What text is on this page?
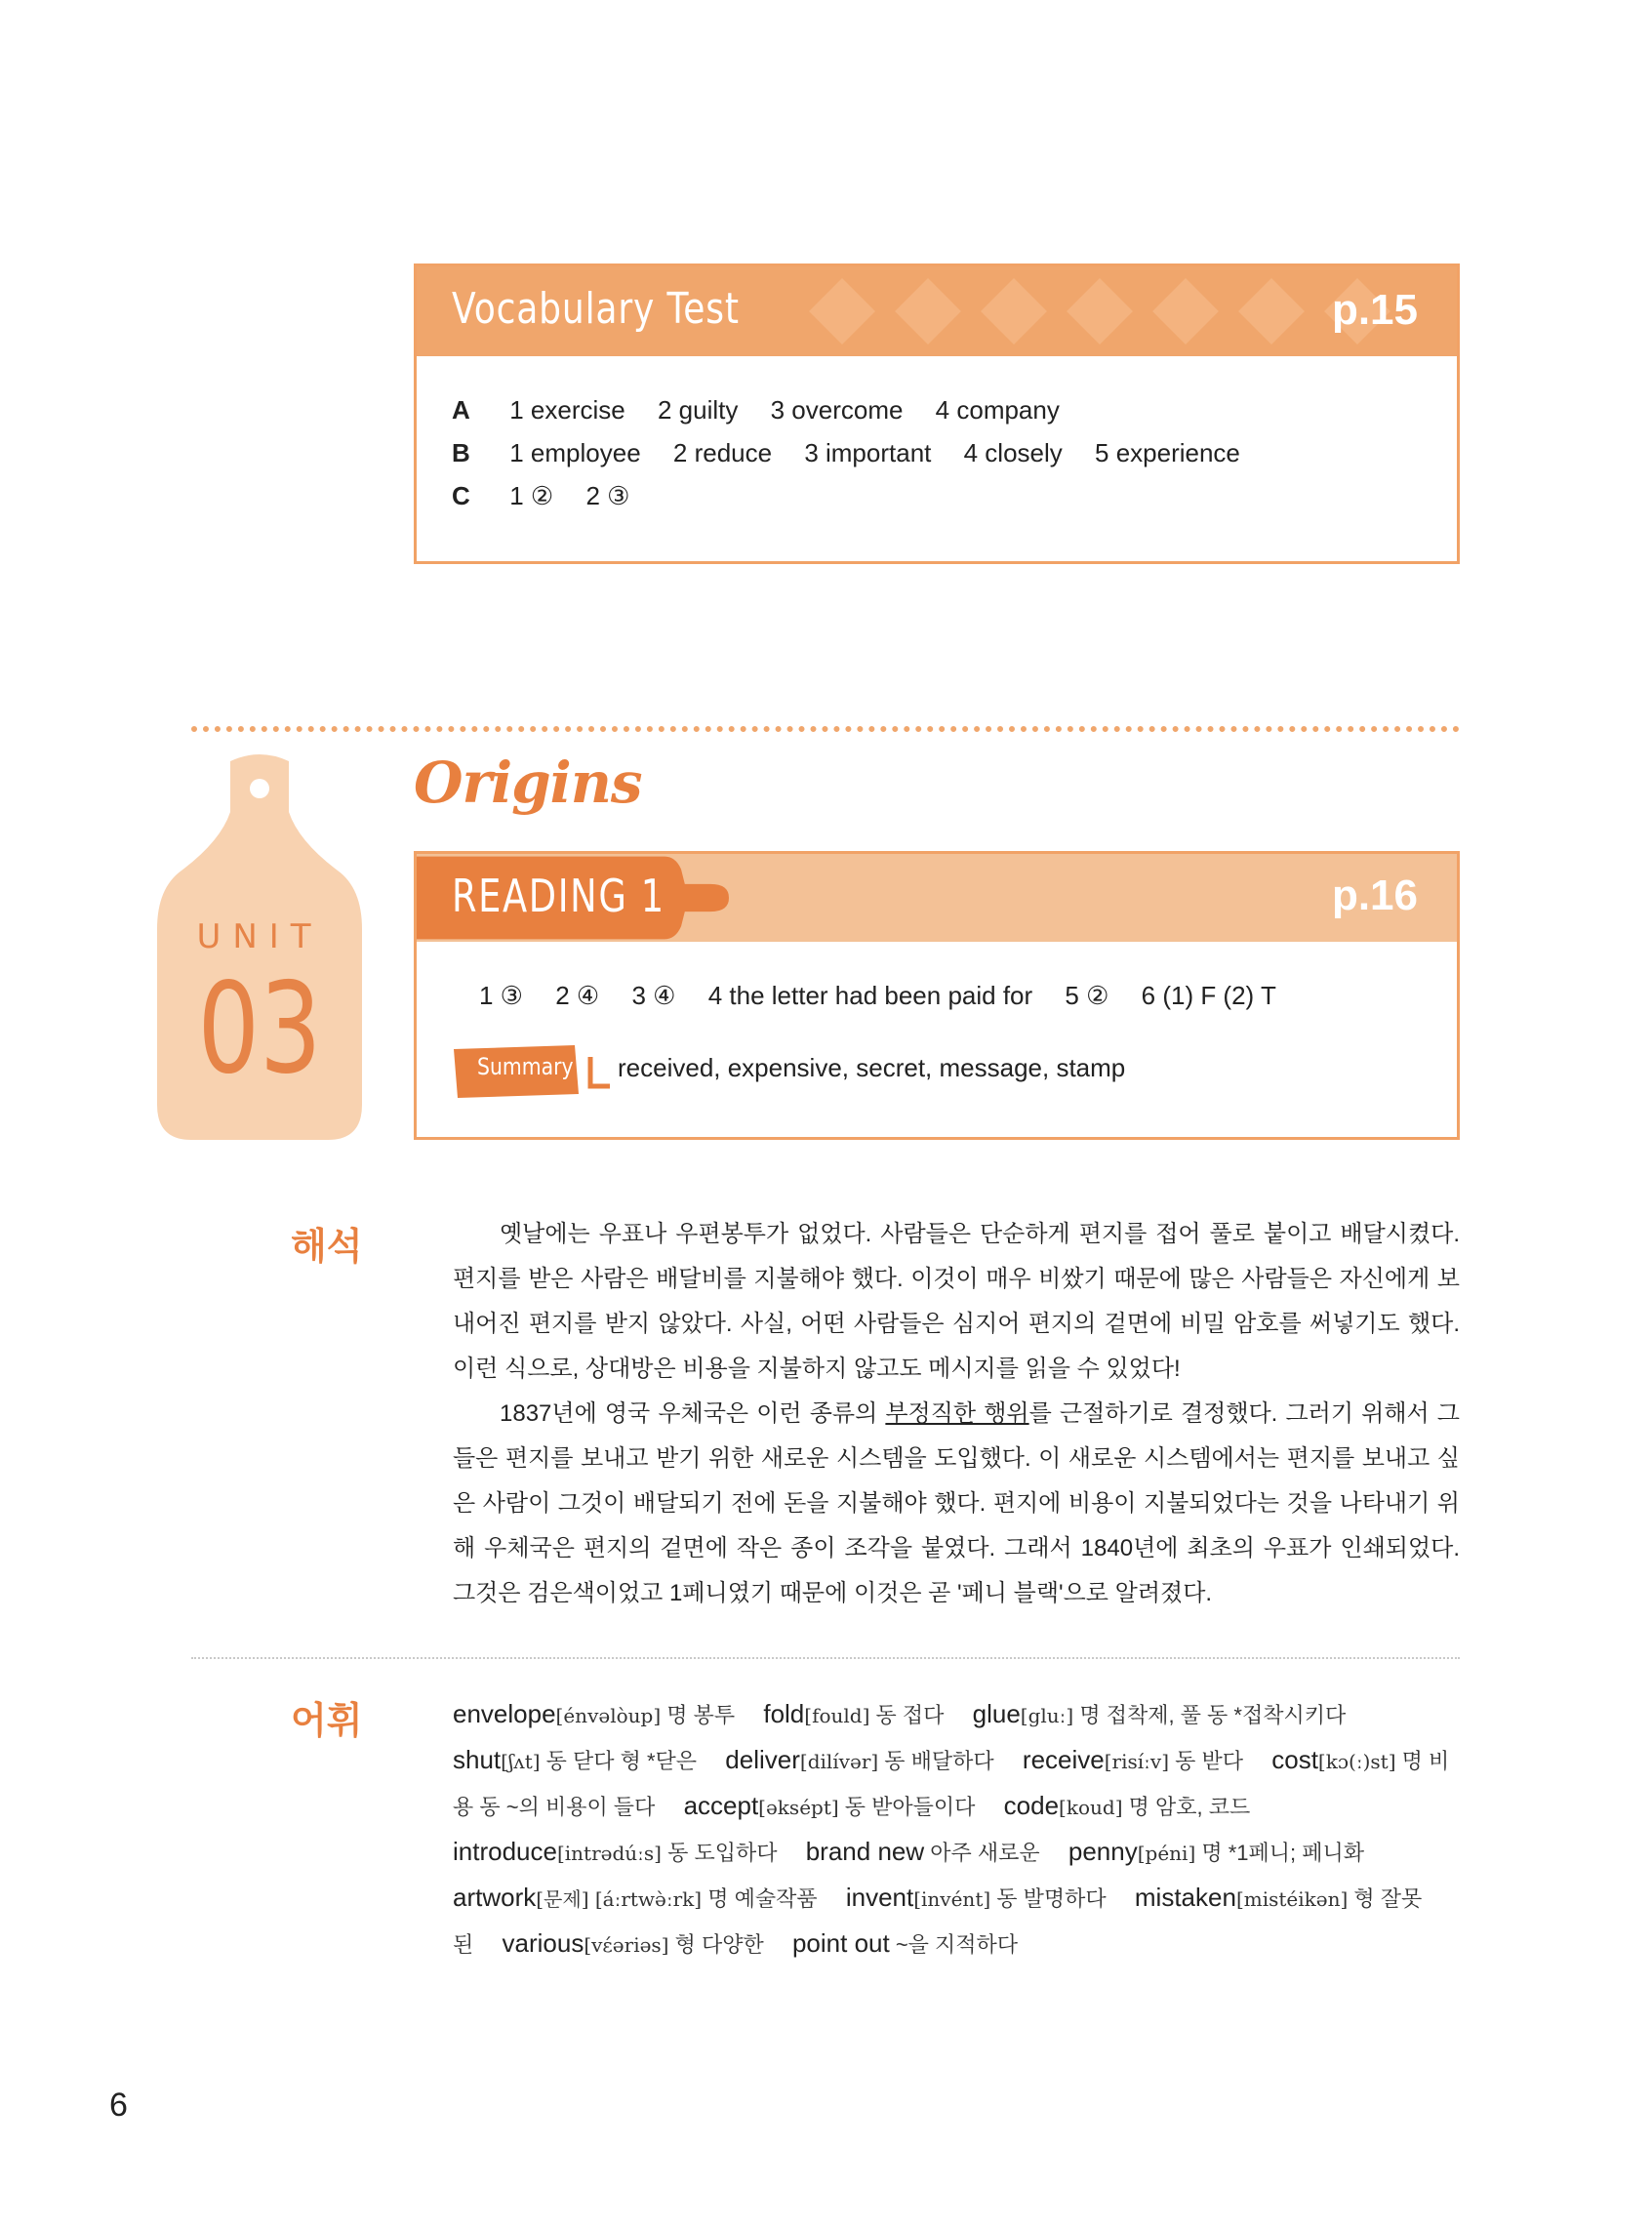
Vocabulary Test	p.15
A 1 exercise 2 guilty 3 overcome 4 company
B 1 employee 2 reduce 3 important 4 closely 5 experience
C 1 ② 2 ③
UNIT
03
Origins
READING 1	p.16
1 ③ 2 ④ 3 ④ 4 the letter had been paid for 5 ② 6 (1) F (2) T
Summary received, expensive, secret, message, stamp
해석	옛날에는 우표나 우편봉투가 없었다. 사람들은 단순하게 편지를 접어 풀로 붙이고 배달시켰다. 편지를 받은 사람은 배달비를 지불해야 했다. 이것이 매우 비쌌기 때문에 많은 사람들은 자신에게 보내어진 편지를 받지 않았다. 사실, 어떤 사람들은 심지어 편지의 겉면에 비밀 암호를 써넣기도 했다. 이런 식으로, 상대방은 비용을 지불하지 않고도 메시지를 읽을 수 있었다!

1837년에 영국 우체국은 이런 종류의 부정직한 행위를 근절하기로 결정했다. 그러기 위해서 그들은 편지를 보내고 받기 위한 새로운 시스템을 도입했다. 이 새로운 시스템에서는 편지를 보내고 싶은 사람이 그것이 배달되기 전에 돈을 지불해야 했다. 편지에 비용이 지불되었다는 것을 나타내기 위해 우체국은 편지의 겉면에 작은 종이 조각을 붙였다. 그래서 1840년에 최초의 우표가 인쇄되었다. 그것은 검은색이었고 1페니였기 때문에 이것은 곧 '페니 블랙'으로 알려졌다.

어휘	envelope[énvəlòup] 명 봉투 fold[fould] 동 접다 glue[gluː] 명 접착제, 풀 동 *접착시키다 shut[ʃʌt] 동 닫다 형 *닫은 deliver[dilívər] 동 배달하다 receive[risíːv] 동 받다 cost[kɔ(ː)st] 명 비용 동 ~의 비용이 들다 accept[əksépt] 동 받아들이다 code[koud] 명 암호, 코드 introduce[intrədúːs] 동 도입하다 brand new 아주 새로운 penny[péni] 명 *1페니; 페니화 artwork[문제] [áːrtwə̀ːrk] 명 예술작품 invent[invént] 동 발명하다 mistaken[mistéikən] 형 잘못된 various[vέəriəs] 형 다양한 point out ~을 지적하다
6
